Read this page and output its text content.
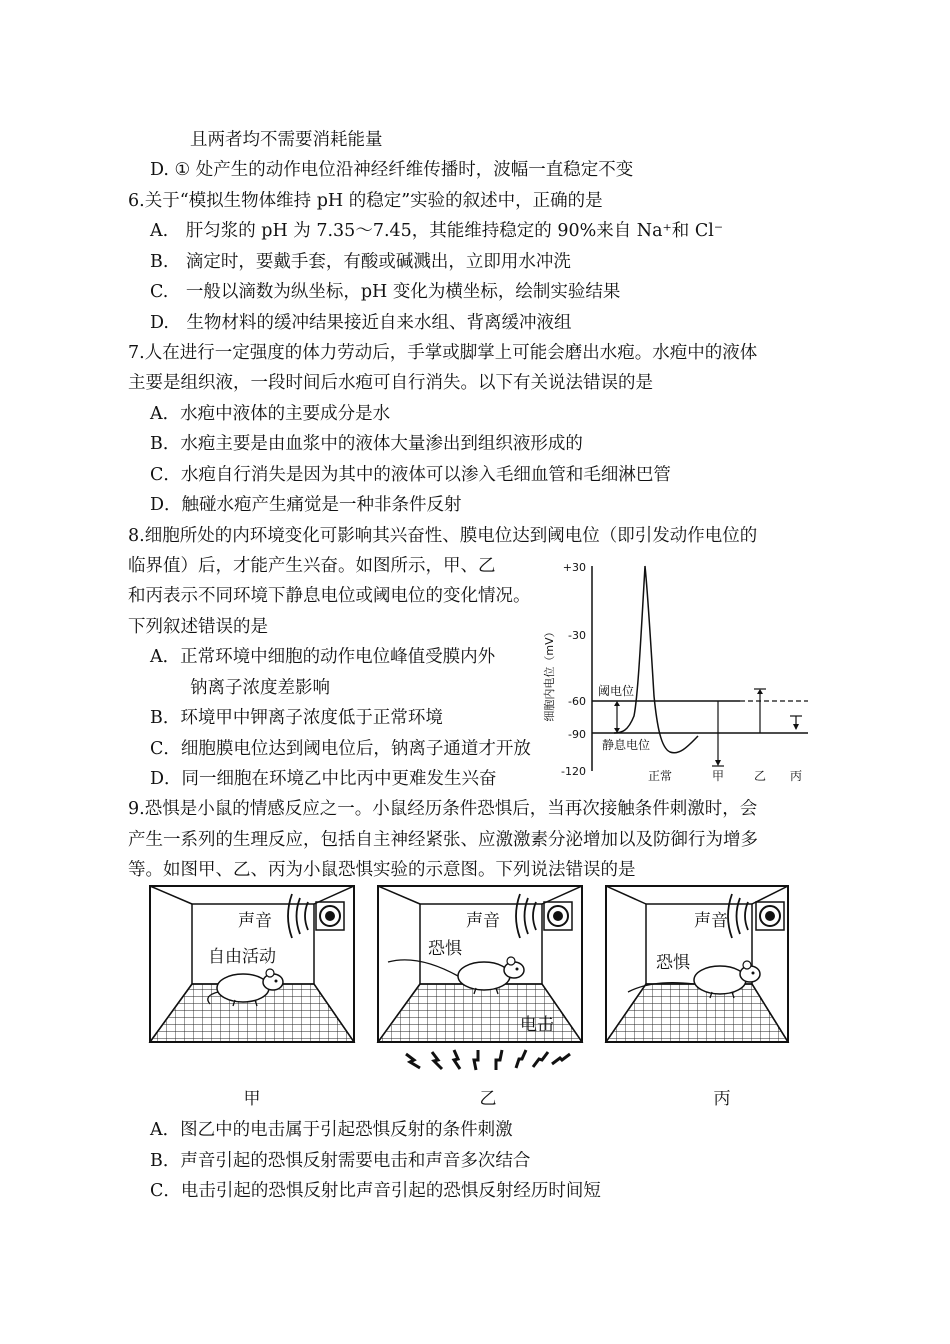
且两者均不需要消耗能量
D. ① 处产生的动作电位沿神经纤维传播时，波幅一直稳定不变
6.关于“模拟生物体维持 pH 的稳定”实验的叙述中，正确的是
A.　肝匀浆的 pH 为 7.35～7.45，其能维持稳定的 90%来自 Na⁺和 Cl⁻
B.　滴定时，要戴手套，有酸或碱溅出，立即用水冲洗
C.　一般以滴数为纵坐标，pH 变化为横坐标，绘制实验结果
D.　生物材料的缓冲结果接近自来水组、背离缓冲液组
7.人在进行一定强度的体力劳动后，手掌或脚掌上可能会磨出水疱。水疱中的液体
主要是组织液，一段时间后水疱可自行消失。以下有关说法错误的是
A．水疱中液体的主要成分是水
B．水疱主要是由血浆中的液体大量渗出到组织液形成的
C．水疱自行消失是因为其中的液体可以渗入毛细血管和毛细淋巴管
D．触碰水疱产生痛觉是一种非条件反射
8.细胞所处的内环境变化可影响其兴奋性、膜电位达到阈电位（即引发动作电位的
临界值）后，才能产生兴奋。如图所示，甲、乙
和丙表示不同环境下静息电位或阈电位的变化情况。
下列叙述错误的是
A．正常环境中细胞的动作电位峰值受膜内外
钠离子浓度差影响
B．环境甲中钾离子浓度低于正常环境
C．细胞膜电位达到阈电位后，钠离子通道才开放
D．同一细胞在环境乙中比丙中更难发生兴奋
9.恐惧是小鼠的情感反应之一。小鼠经历条件恐惧后，当再次接触条件刺激时，会
产生一系列的生理反应，包括自主神经紧张、应激激素分泌增加以及防御行为增多
等。如图甲、乙、丙为小鼠恐惧实验的示意图。下列说法错误的是
A．图乙中的电击属于引起恐惧反射的条件刺激
B．声音引起的恐惧反射需要电击和声音多次结合
C．电击引起的恐惧反射比声音引起的恐惧反射经历时间短
细胞内电位（mV）
+30
-30
-60
-90
-120
阈电位
静息电位
正常	甲 乙 丙
声音
自由活动
声音
恐惧
电击
声音
恐惧
甲	乙	丙
